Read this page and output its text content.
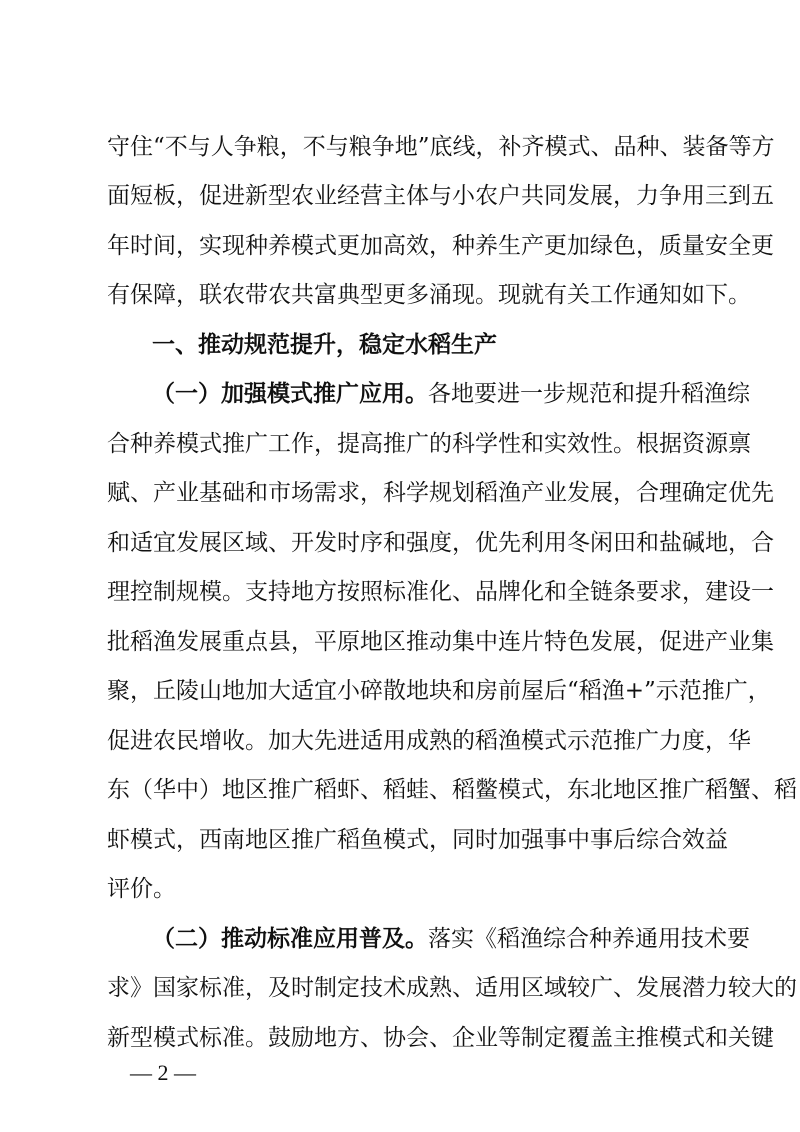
守住“不与人争粮，不与粮争地”底线，补齐模式、品种、装备等方
面短板，促进新型农业经营主体与小农户共同发展，力争用三到五
年时间，实现种养模式更加高效，种养生产更加绿色，质量安全更
有保障，联农带农共富典型更多涌现。现就有关工作通知如下。
一、推动规范提升，稳定水稻生产
（一）加强模式推广应用。各地要进一步规范和提升稻渔综
合种养模式推广工作，提高推广的科学性和实效性。根据资源禀
赋、产业基础和市场需求，科学规划稻渔产业发展，合理确定优先
和适宜发展区域、开发时序和强度，优先利用冬闲田和盐碱地，合
理控制规模。支持地方按照标准化、品牌化和全链条要求，建设一
批稻渔发展重点县，平原地区推动集中连片特色发展，促进产业集
聚，丘陵山地加大适宜小碎散地块和房前屋后“稻渔+”示范推广，
促进农民增收。加大先进适用成熟的稻渔模式示范推广力度，华
东（华中）地区推广稻虾、稻蛙、稻鳖模式，东北地区推广稻蟹、稻
虾模式，西南地区推广稻鱼模式，同时加强事中事后综合效益
评价。
（二）推动标准应用普及。落实《稻渔综合种养通用技术要
求》国家标准，及时制定技术成熟、适用区域较广、发展潜力较大的
新型模式标准。鼓励地方、协会、企业等制定覆盖主推模式和关键
— 2 —
